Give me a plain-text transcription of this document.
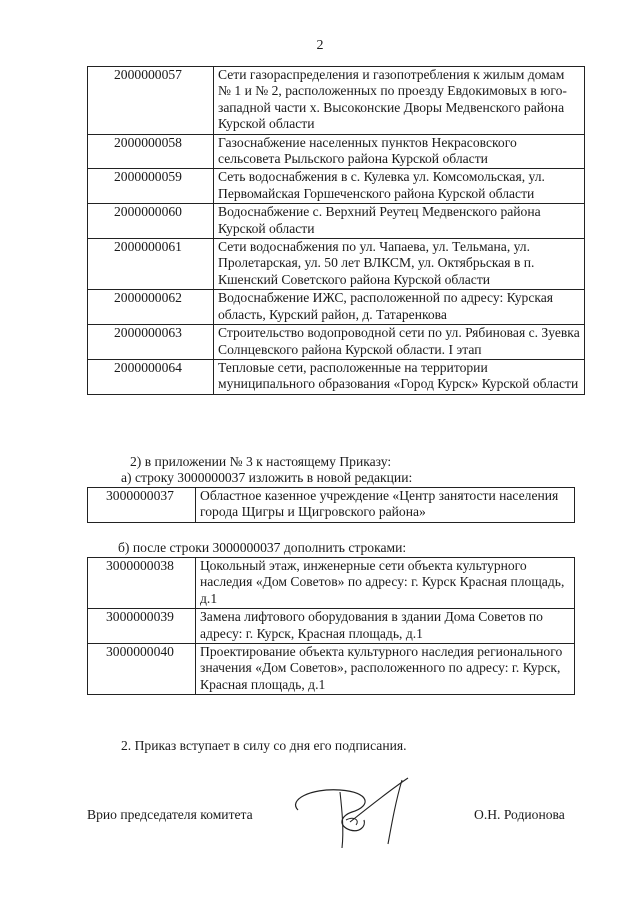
2
2000000057	Сети газораспределения и газопотребления к жилым домам № 1 и № 2, расположенных по проезду Евдокимовых в юго-западной части х. Высоконские Дворы Медвенского района Курской области
2000000058	Газоснабжение населенных пунктов Некрасовского сельсовета Рыльского района Курской области
2000000059	Сеть водоснабжения в с. Кулевка ул. Комсомольская, ул. Первомайская Горшеченского района Курской области
2000000060	Водоснабжение с. Верхний Реутец Медвенского района Курской области
2000000061	Сети водоснабжения по ул. Чапаева, ул. Тельмана, ул. Пролетарская, ул. 50 лет ВЛКСМ, ул. Октябрьская в п. Кшенский Советского района Курской области
2000000062	Водоснабжение ИЖС, расположенной по адресу: Курская область, Курский район, д. Татаренкова
2000000063	Строительство водопроводной сети по ул. Рябиновая с. Зуевка Солнцевского района Курской области. I этап
2000000064	Тепловые сети, расположенные на территории муниципального образования «Город Курск» Курской области
2) в приложении № 3 к настоящему Приказу:
а) строку 3000000037 изложить в новой редакции:
3000000037	Областное казенное учреждение «Центр занятости населения города Щигры и Щигровского района»
б) после строки 3000000037 дополнить строками:
3000000038	Цокольный этаж, инженерные сети объекта культурного наследия «Дом Советов» по адресу: г. Курск Красная площадь, д.1
3000000039	Замена лифтового оборудования в здании Дома Советов по адресу: г. Курск, Красная площадь, д.1
3000000040	Проектирование объекта культурного наследия регионального значения «Дом Советов», расположенного по адресу: г. Курск, Красная площадь, д.1
2. Приказ вступает в силу со дня его подписания.
Врио председателя комитета	О.Н. Родионова
